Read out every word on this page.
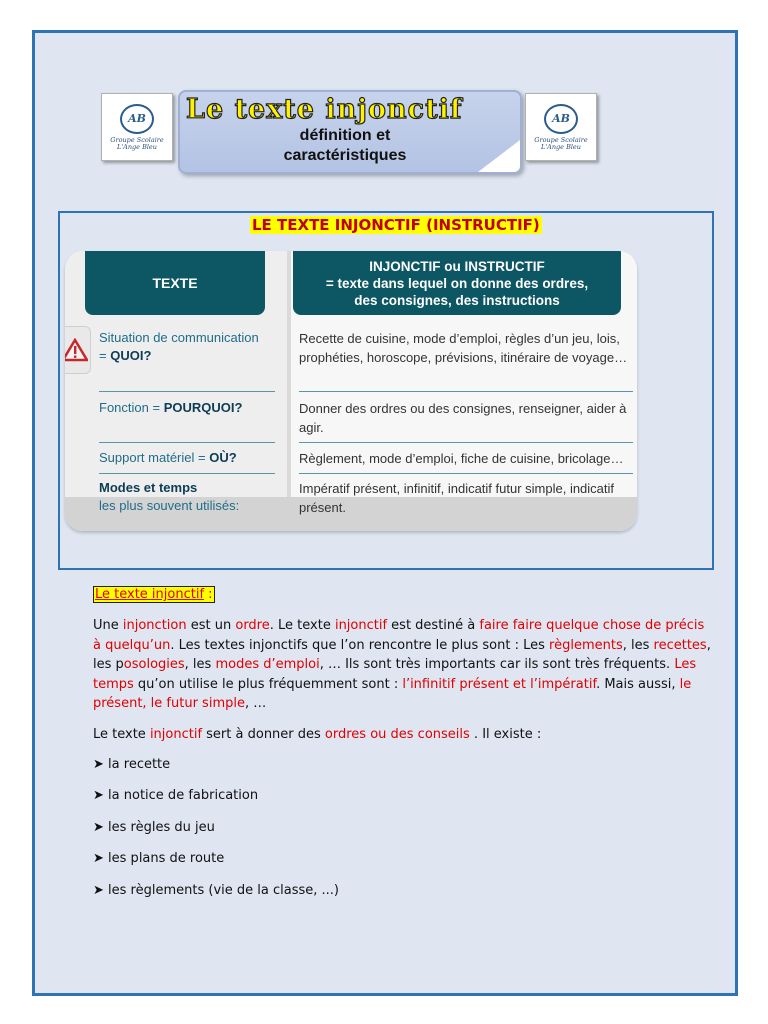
AB
Groupe Scolaire
L'Ange Bleu
Le texte injonctif
définition et
caractéristiques
AB
Groupe Scolaire
L'Ange Bleu
LE TEXTE INJONCTIF (INSTRUCTIF)
TEXTE
INJONCTIF ou INSTRUCTIF
= texte dans lequel on donne des ordres,
des consignes, des instructions
Situation de communication
= QUOI?
Recette de cuisine, mode d’emploi, règles d’un jeu, lois, prophéties, horoscope, prévisions, itinéraire de voyage…
Fonction = POURQUOI?	Donner des ordres ou des consignes, renseigner, aider à agir.
Support matériel = OÙ?	Règlement, mode d’emploi, fiche de cuisine, bricolage…
Modes et temps
les plus souvent utilisés:
Impératif présent, infinitif, indicatif futur simple, indicatif présent.
Le texte injonctif :
Une injonction est un ordre. Le texte injonctif est destiné à faire faire quelque chose de précis à quelqu’un. Les textes injonctifs que l’on rencontre le plus sont : Les règlements, les recettes, les posologies, les modes d’emploi, … Ils sont très importants car ils sont très fréquents. Les temps qu’on utilise le plus fréquemment sont : l’infinitif présent et l’impératif. Mais aussi, le présent, le futur simple, …
Le texte injonctif sert à donner des ordres ou des conseils . Il existe :
➤ la recette
➤ la notice de fabrication
➤ les règles du jeu
➤ les plans de route
➤ les règlements (vie de la classe, ...)
